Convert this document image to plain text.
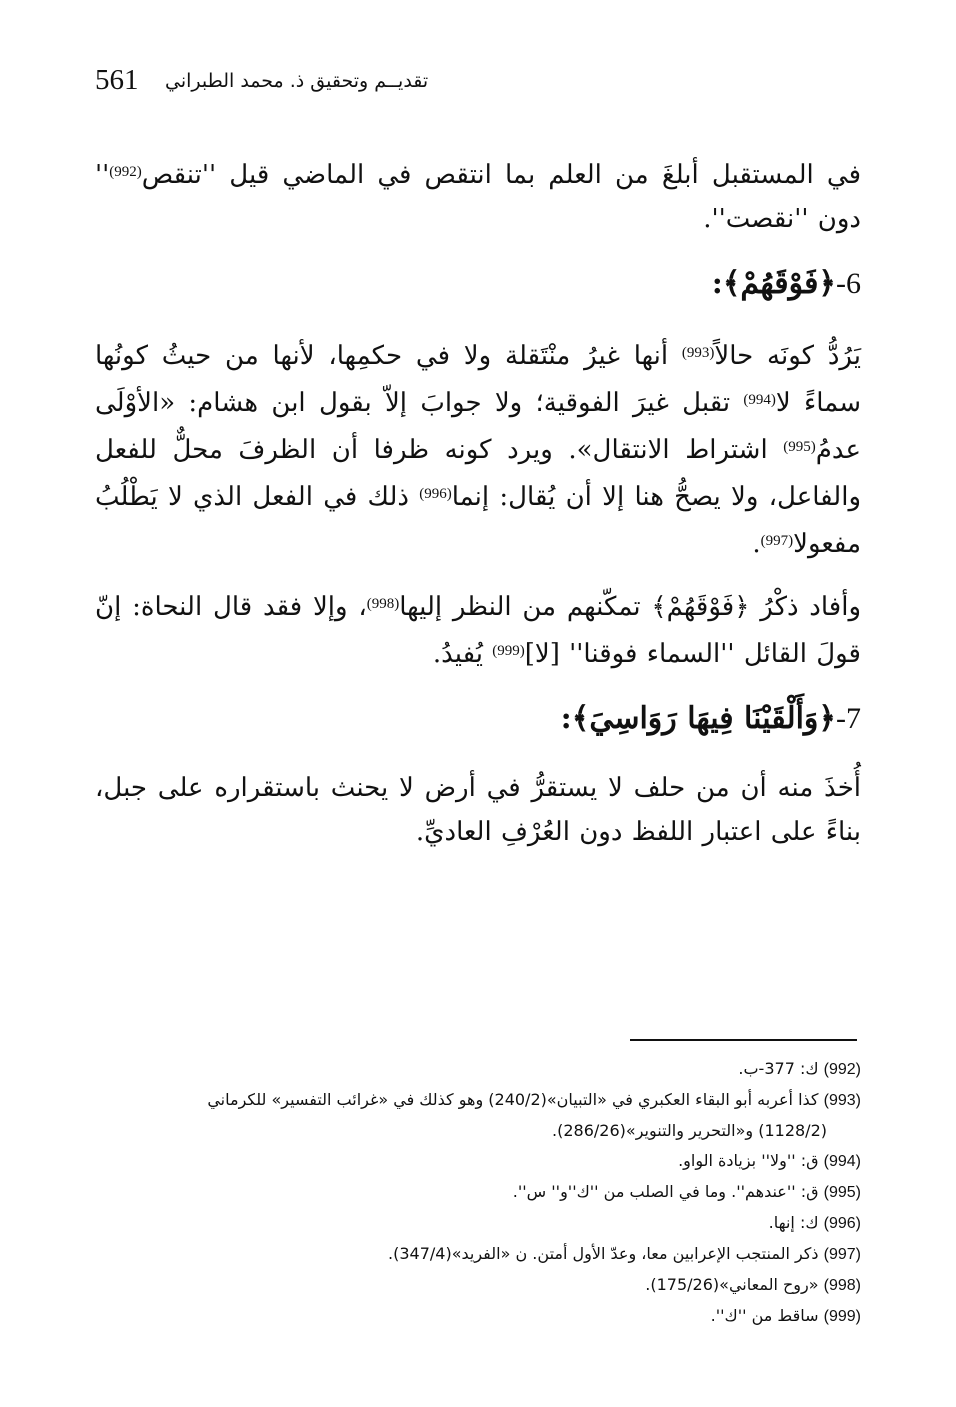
561 تقديــم وتحقيق ذ. محمد الطبراني

في المستقبل أبلغَ من العلم بما انتقص في الماضي قيل ''تنقص$^{(992)}$'' دون ''نقصت''.

6-﴿فَوْقَهُمْ﴾:

يَرُدُّ كونَه حالاً$^{(993)}$ أنها غيرُ منْتَقلة ولا في حكمِها، لأنها من حيثُ كونُها سماءً لا$^{(994)}$ تقبل غيرَ الفوقية؛ ولا جوابَ إلاّ بقول ابن هشام: «الأوْلَى عدمُ$^{(995)}$ اشتراط الانتقال». ويرد كونه ظرفا أن الظرفَ محلٌّ للفعل والفاعل، ولا يصحُّ هنا إلا أن يُقال: إنما$^{(996)}$ ذلك في الفعل الذي لا يَطْلُبُ مفعولا$^{(997)}$.

وأفاد ذكْرُ ﴿فَوْقَهُمْ﴾ تمكّنهم من النظر إليها$^{(998)}$، وإلا فقد قال النحاة: إنّ قولَ القائل ''السماء فوقنا'' [لا]$^{(999)}$ يُفيدُ.

7-﴿وَأَلْقَيْنَا فِيهَا رَوَاسِيَ﴾:

أُخذَ منه أن من حلف لا يستقرُّ في أرض لا يحنث باستقراره على جبل، بناءً على اعتبار اللفظ دون العُرْفِ العاديِّ.

(992) ك: 377-ب.
(993) كذا أعربه أبو البقاء العكبري في «التبيان»(240/2) وهو كذلك في «غرائب التفسير» للكرماني
(1128/2) و«التحرير والتنوير»(286/26).
(994) ق: ''ولا'' بزيادة الواو.
(995) ق: ''عندهم''. وما في الصلب من ''ك''و'' س''.
(996) ك: إنها.
(997) ذكر المنتجب الإعرابين معا، وعدّ الأول أمتن. ن «الفريد»(347/4).
(998) «روح المعاني»(175/26).
(999) ساقط من ''ك''.
